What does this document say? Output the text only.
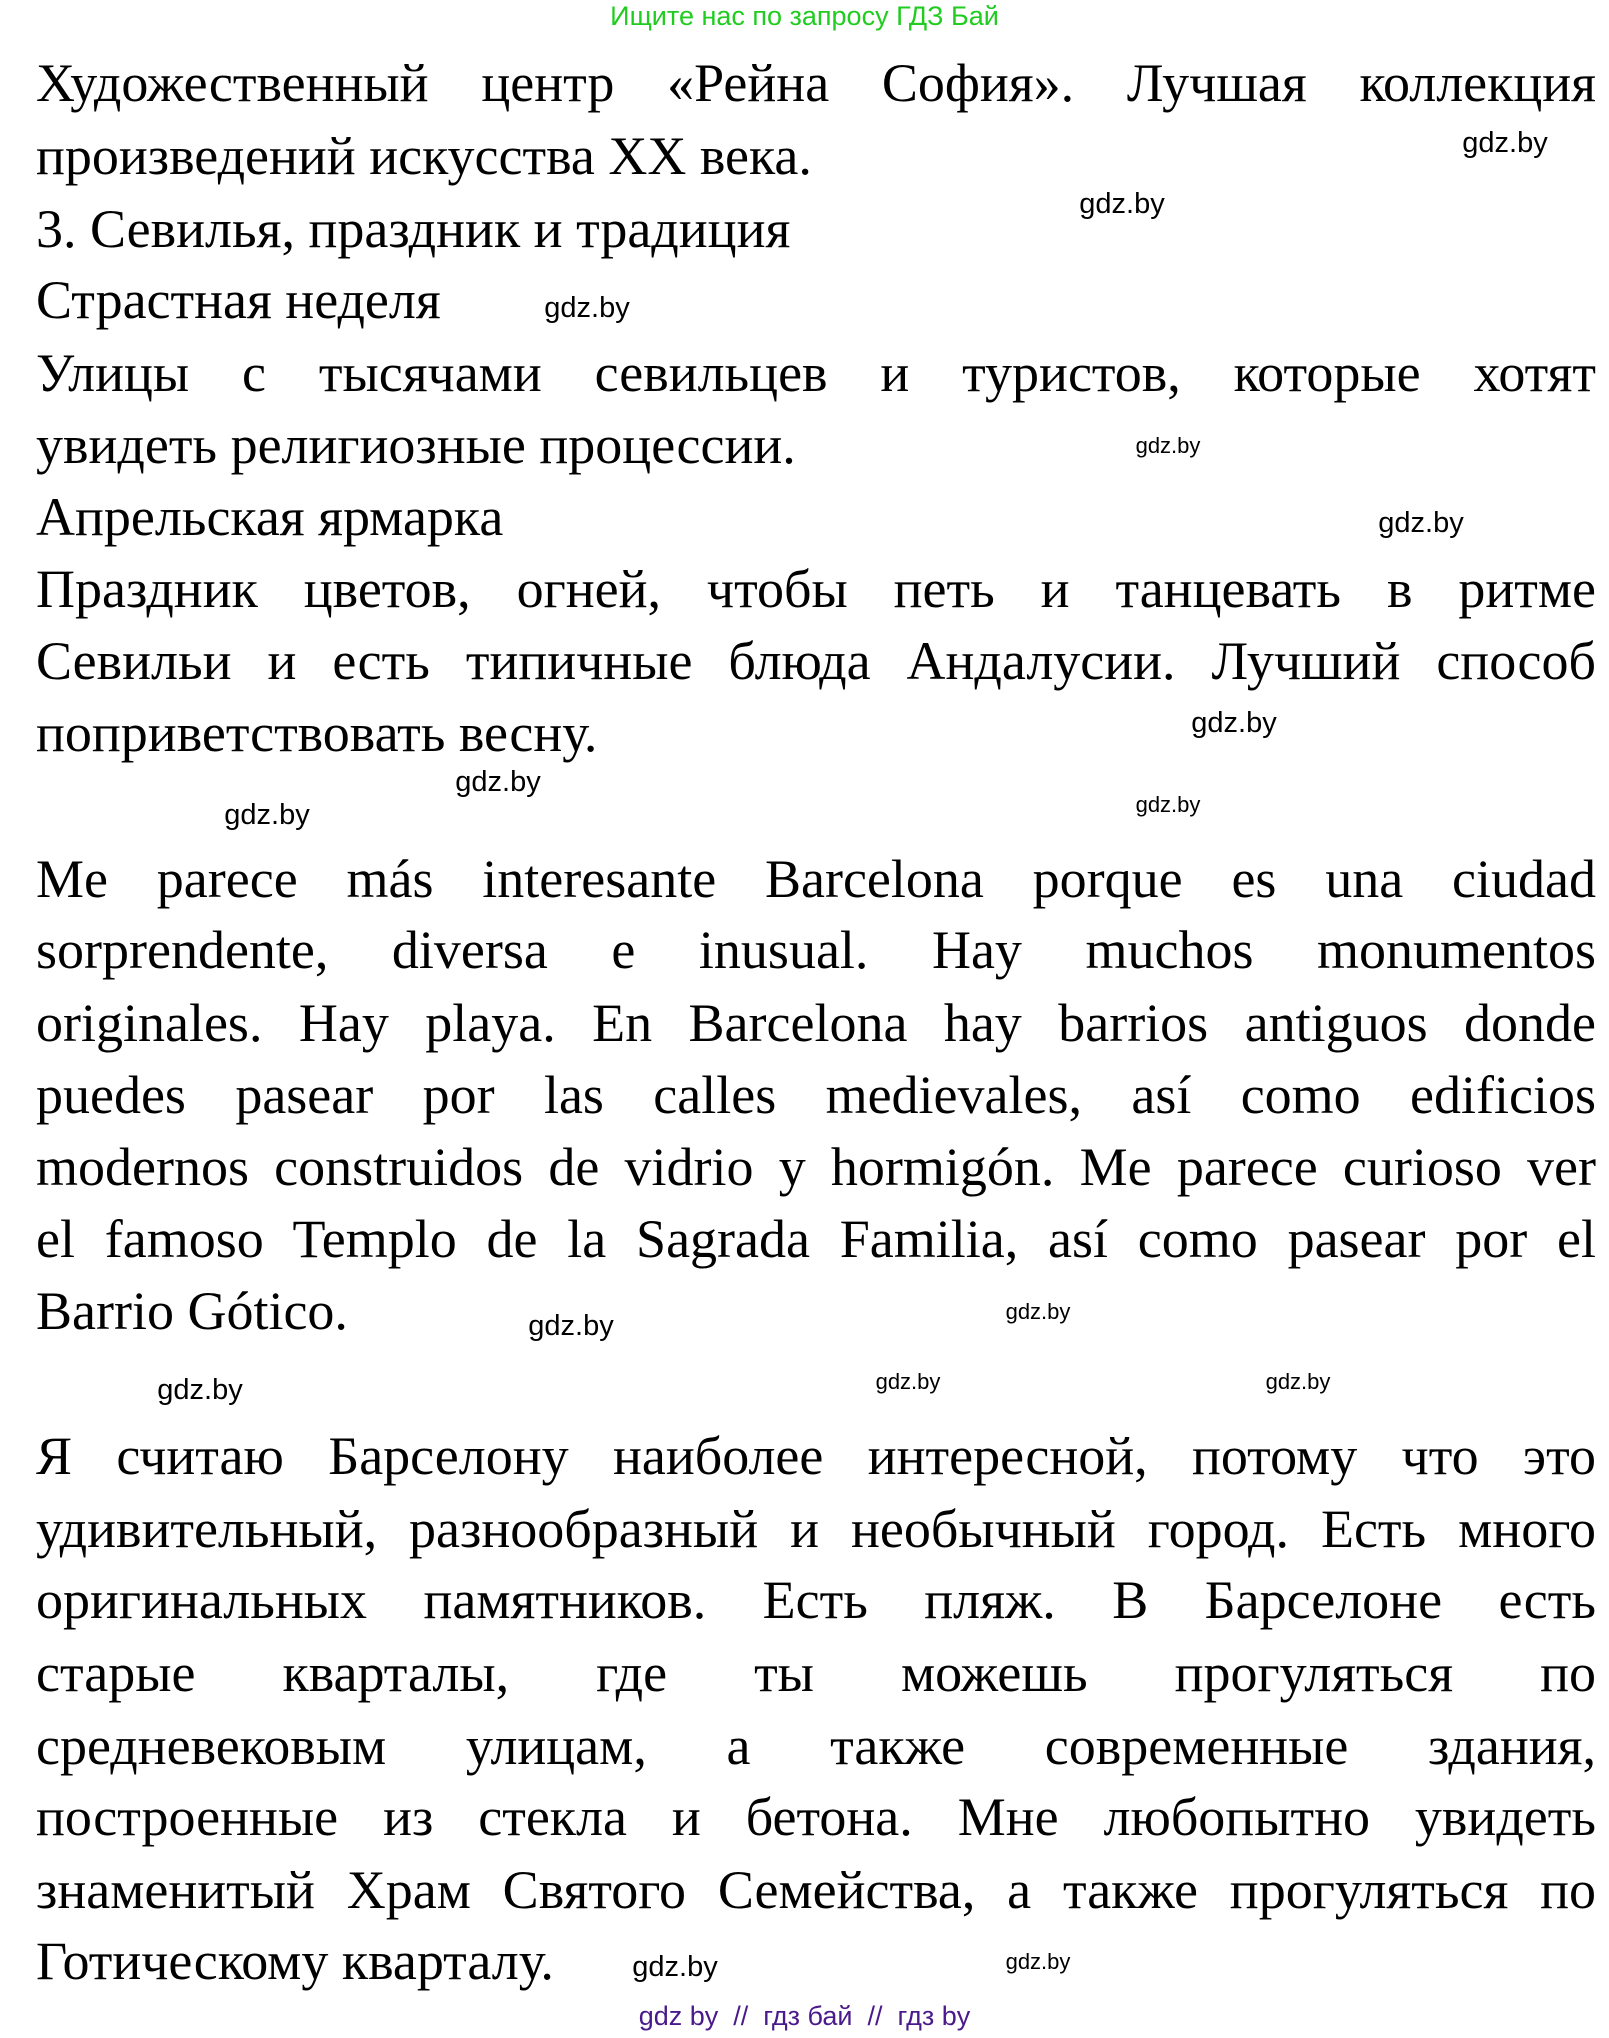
Ищите нас по запросу ГДЗ Бай
Художественный центр «Рейна София». Лучшая коллекция
произведений искусства XX века.
3. Севилья, праздник и традиция
Страстная неделя
Улицы с тысячами севильцев и туристов, которые хотят
увидеть религиозные процессии.
Апрельская ярмарка
Праздник цветов, огней, чтобы петь и танцевать в ритме
Севильи и есть типичные блюда Андалусии. Лучший способ
поприветствовать весну.
Me parece más interesante Barcelona porque es una ciudad
sorprendente, diversa e inusual. Hay muchos monumentos
originales. Hay playa. En Barcelona hay barrios antiguos donde
puedes pasear por las calles medievales, así como edificios
modernos construidos de vidrio y hormigón. Me parece curioso ver
el famoso Templo de la Sagrada Familia, así como pasear por el
Barrio Gótico.
Я считаю Барселону наиболее интересной, потому что это
удивительный, разнообразный и необычный город. Есть много
оригинальных памятников. Есть пляж. В Барселоне есть
старые кварталы, где ты можешь прогуляться по
средневековым улицам, а также современные здания,
построенные из стекла и бетона. Мне любопытно увидеть
знаменитый Храм Святого Семейства, а также прогуляться по
Готическому кварталу.
gdz.by
gdz.by
gdz.by
gdz.by
gdz.by
gdz.by
gdz.by
gdz.by
gdz.by
gdz.by
gdz.by
gdz.by	gdz.by
gdz.by
gdz.by
gdz.by
gdz by  //  гдз бай  //  гдз by
